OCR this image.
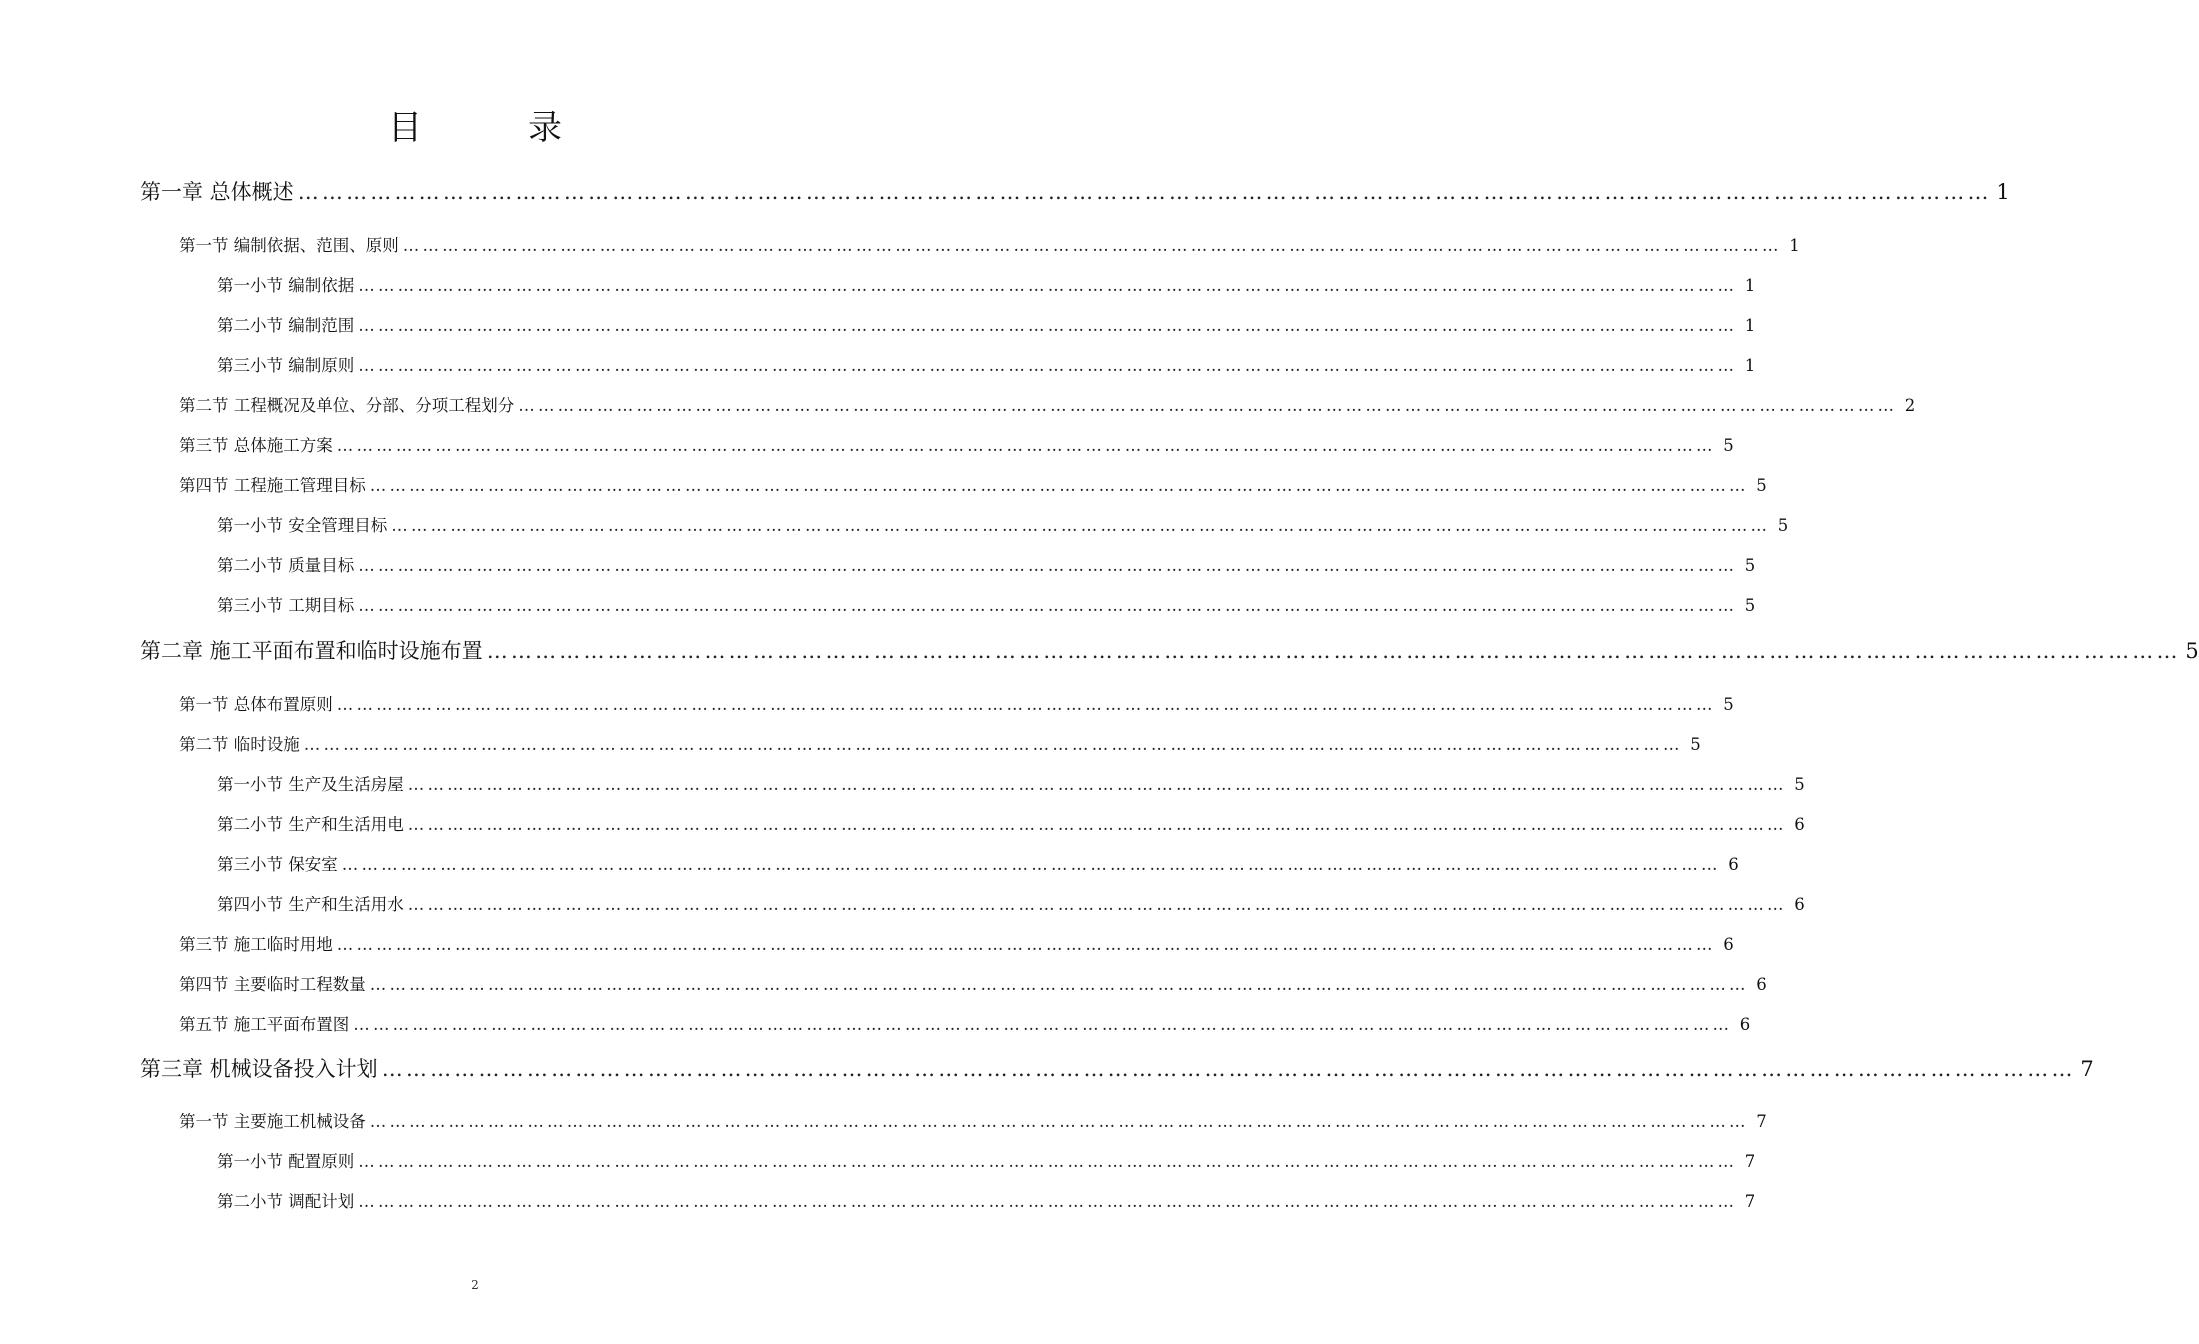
目　录
第一章 总体概述 ………………………………………………………………………………………………………………………………………………………………………………………… 1
第一节 编制依据、范围、原则 ………………………………………………………………………………………………………………………………………………………………………………………… 1
第一小节 编制依据 ………………………………………………………………………………………………………………………………………………………………………………………… 1
第二小节 编制范围 ………………………………………………………………………………………………………………………………………………………………………………………… 1
第三小节 编制原则 ………………………………………………………………………………………………………………………………………………………………………………………… 1
第二节 工程概况及单位、分部、分项工程划分 ………………………………………………………………………………………………………………………………………………………………………………………… 2
第三节 总体施工方案 ………………………………………………………………………………………………………………………………………………………………………………………… 5
第四节 工程施工管理目标 ………………………………………………………………………………………………………………………………………………………………………………………… 5
第一小节 安全管理目标 ………………………………………………………………………………………………………………………………………………………………………………………… 5
第二小节 质量目标 ………………………………………………………………………………………………………………………………………………………………………………………… 5
第三小节 工期目标 ………………………………………………………………………………………………………………………………………………………………………………………… 5
第二章 施工平面布置和临时设施布置 ………………………………………………………………………………………………………………………………………………………………………………………… 5
第一节 总体布置原则 ………………………………………………………………………………………………………………………………………………………………………………………… 5
第二节 临时设施 ………………………………………………………………………………………………………………………………………………………………………………………… 5
第一小节 生产及生活房屋 ………………………………………………………………………………………………………………………………………………………………………………………… 5
第二小节 生产和生活用电 ………………………………………………………………………………………………………………………………………………………………………………………… 6
第三小节 保安室 ………………………………………………………………………………………………………………………………………………………………………………………… 6
第四小节 生产和生活用水 ………………………………………………………………………………………………………………………………………………………………………………………… 6
第三节 施工临时用地 ………………………………………………………………………………………………………………………………………………………………………………………… 6
第四节 主要临时工程数量 ………………………………………………………………………………………………………………………………………………………………………………………… 6
第五节 施工平面布置图 ………………………………………………………………………………………………………………………………………………………………………………………… 6
第三章 机械设备投入计划 ………………………………………………………………………………………………………………………………………………………………………………………… 7
第一节 主要施工机械设备 ………………………………………………………………………………………………………………………………………………………………………………………… 7
第一小节 配置原则 ………………………………………………………………………………………………………………………………………………………………………………………… 7
第二小节 调配计划 ………………………………………………………………………………………………………………………………………………………………………………………… 7
2
